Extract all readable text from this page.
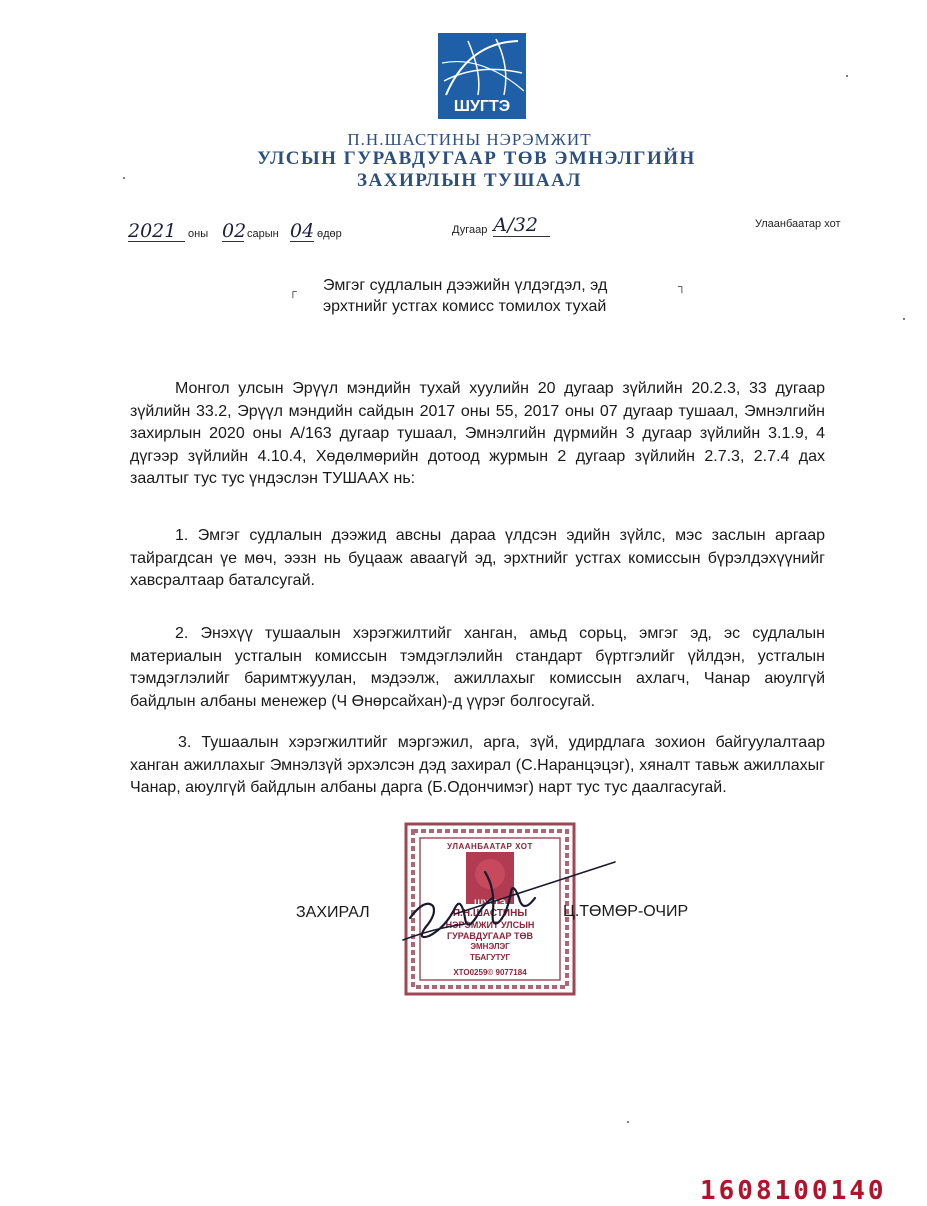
ШУГТЭ
П.Н.ШАСТИНЫ НЭРЭМЖИТ
УЛСЫН ГУРАВДУГААР ТӨВ ЭМНЭЛГИЙН
ЗАХИРЛЫН ТУШААЛ
2021	оны 02 сарын 04 өдөр	Дугаар А/32	Улаанбаатар хот
┌ Эмгэг судлалын дээжийн үлдэгдэл, эд эрхтнийг устгах комисс томилох тухай
┐
Монгол улсын Эрүүл мэндийн тухай хуулийн 20 дугаар зүйлийн 20.2.3, 33 дугаар зүйлийн 33.2, Эрүүл мэндийн сайдын 2017 оны 55, 2017 оны 07 дугаар тушаал, Эмнэлгийн захирлын 2020 оны А/163 дугаар тушаал, Эмнэлгийн дүрмийн 3 дугаар зүйлийн 3.1.9, 4 дүгээр зүйлийн 4.10.4, Хөдөлмөрийн дотоод журмын 2 дугаар зүйлийн 2.7.3, 2.7.4 дах заалтыг тус тус үндэслэн ТУШААХ нь:
1. Эмгэг судлалын дээжид авсны дараа үлдсэн эдийн зүйлс, мэс заслын аргаар тайрагдсан үе мөч, ээзн нь буцааж аваагүй эд, эрхтнийг устгах комиссын бүрэлдэхүүнийг хавсралтаар баталсугай.
2. Энэхүү тушаалын хэрэгжилтийг ханган, амьд сорьц, эмгэг эд, эс судлалын материалын устгалын комиссын тэмдэглэлийн стандарт бүртгэлийг үйлдэн, устгалын тэмдэглэлийг баримтжуулан, мэдээлж, ажиллахыг комиссын ахлагч, Чанар аюулгүй байдлын албаны менежер (Ч Өнөрсайхан)-д үүрэг болгосугай.
3. Тушаалын хэрэгжилтийг мэргэжил, арга, зүй, удирдлага зохион байгуулалтаар ханган ажиллахыг Эмнэлзүй эрхэлсэн дэд захирал (С.Наранцэцэг), хяналт тавьж ажиллахыг Чанар, аюулгүй байдлын албаны дарга (Б.Одончимэг) нарт тус тус даалгасугай.
УЛААНБААТАР ХОТ
ШУГТЭ
П.Н.ШАСТИНЫ
НЭРЭМЖИТ УЛСЫН
ГУРАВДУГААР ТӨВ
ЭМНЭЛЭГ
ТБАГУТУГ
ХТО0259© 9077184
ЗАХИРАЛ	Ц.ТӨМӨР-ОЧИР
1608100140
